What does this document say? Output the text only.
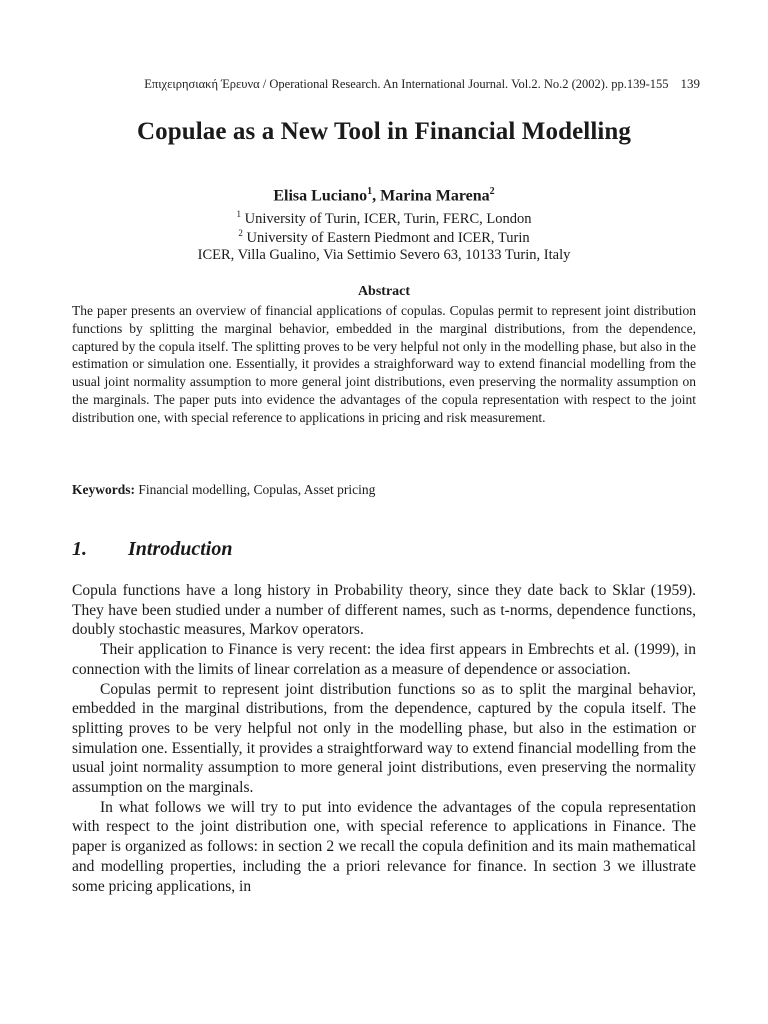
Επιχειρησιακή Έρευνα / Operational Research. An International Journal. Vol.2. No.2 (2002). pp.139-155 139
Copulae as a New Tool in Financial Modelling
Elisa Luciano$^1$, Marina Marena$^2$
$^1$ University of Turin, ICER, Turin, FERC, London
$^2$ University of Eastern Piedmont and ICER, Turin
ICER, Villa Gualino, Via Settimio Severo 63, 10133 Turin, Italy
Abstract
The paper presents an overview of financial applications of copulas. Copulas permit to represent joint distribution functions by splitting the marginal behavior, embedded in the marginal distributions, from the dependence, captured by the copula itself. The splitting proves to be very helpful not only in the modelling phase, but also in the estimation or simulation one. Essentially, it provides a straighforward way to extend financial modelling from the usual joint normality assumption to more general joint distributions, even preserving the normality assumption on the marginals. The paper puts into evidence the advantages of the copula representation with respect to the joint distribution one, with special reference to applications in pricing and risk measurement.
Keywords: Financial modelling, Copulas, Asset pricing
1. Introduction

Copula functions have a long history in Probability theory, since they date back to Sklar (1959). They have been studied under a number of different names, such as t-norms, dependence functions, doubly stochastic measures, Markov operators.

Their application to Finance is very recent: the idea first appears in Embrechts et al. (1999), in connection with the limits of linear correlation as a measure of dependence or association.

Copulas permit to represent joint distribution functions so as to split the marginal behavior, embedded in the marginal distributions, from the dependence, captured by the copula itself. The splitting proves to be very helpful not only in the modelling phase, but also in the estimation or simulation one. Essentially, it provides a straightforward way to extend financial modelling from the usual joint normality assumption to more general joint distributions, even preserving the normality assumption on the marginals.

In what follows we will try to put into evidence the advantages of the copula representation with respect to the joint distribution one, with special reference to applications in Finance. The paper is organized as follows: in section 2 we recall the copula definition and its main mathematical and modelling properties, including the a priori relevance for finance. In section 3 we illustrate some pricing applications, in
